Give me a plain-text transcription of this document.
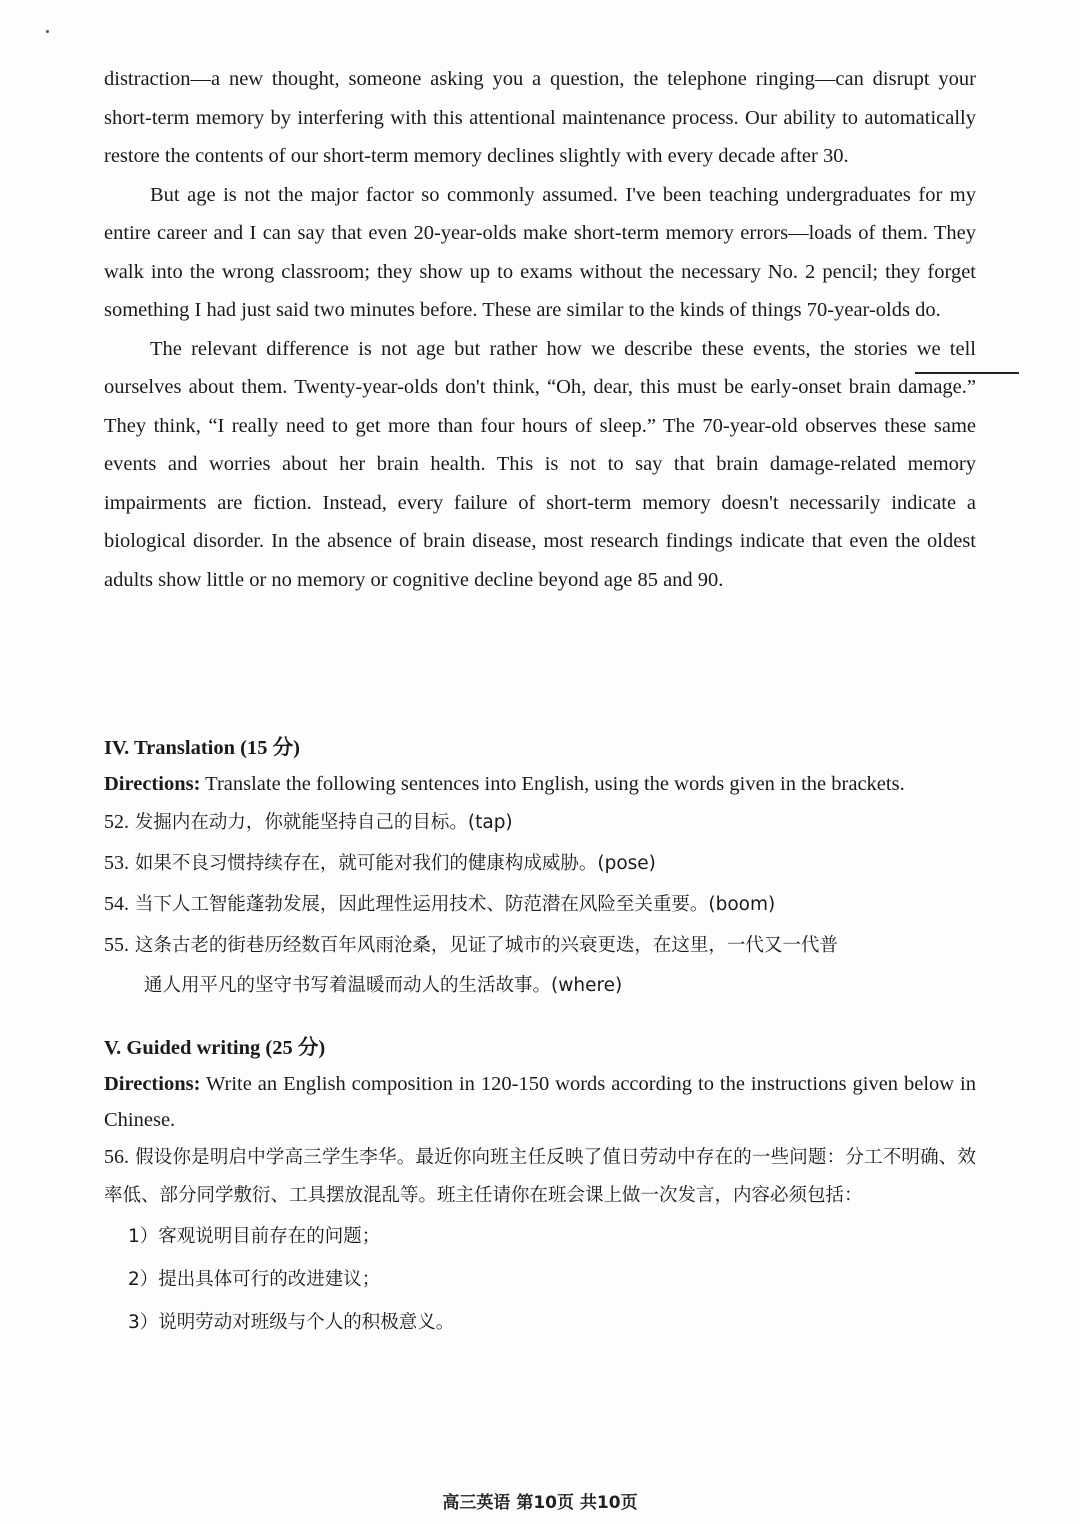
distraction—a new thought, someone asking you a question, the telephone ringing—can disrupt your short-term memory by interfering with this attentional maintenance process. Our ability to automatically restore the contents of our short-term memory declines slightly with every decade after 30.

But age is not the major factor so commonly assumed. I've been teaching undergraduates for my entire career and I can say that even 20-year-olds make short-term memory errors—loads of them. They walk into the wrong classroom; they show up to exams without the necessary No. 2 pencil; they forget something I had just said two minutes before. These are similar to the kinds of things 70-year-olds do.

The relevant difference is not age but rather how we describe these events, the stories we tell ourselves about them. Twenty-year-olds don't think, “Oh, dear, this must be early-onset brain damage.” They think, “I really need to get more than four hours of sleep.” The 70-year-old observes these same events and worries about her brain health. This is not to say that brain damage-related memory impairments are fiction. Instead, every failure of short-term memory doesn't necessarily indicate a biological disorder. In the absence of brain disease, most research findings indicate that even the oldest adults show little or no memory or cognitive decline beyond age 85 and 90.

IV. Translation (15 分)
Directions: Translate the following sentences into English, using the words given in the brackets.
52. 发掘内在动力，你就能坚持自己的目标。(tap)
53. 如果不良习惯持续存在，就可能对我们的健康构成威胁。(pose)
54. 当下人工智能蓬勃发展，因此理性运用技术、防范潜在风险至关重要。(boom)
55. 这条古老的街巷历经数百年风雨沧桑，见证了城市的兴衰更迭，在这里，一代又一代普
通人用平凡的坚守书写着温暖而动人的生活故事。(where)
V. Guided writing (25 分)
Directions: Write an English composition in 120-150 words according to the instructions given below in Chinese.
56. 假设你是明启中学高三学生李华。最近你向班主任反映了值日劳动中存在的一些问题：分工不明确、效率低、部分同学敷衍、工具摆放混乱等。班主任请你在班会课上做一次发言，内容必须包括：
1）客观说明目前存在的问题；
2）提出具体可行的改进建议；
3）说明劳动对班级与个人的积极意义。
高三英语 第10页 共10页
